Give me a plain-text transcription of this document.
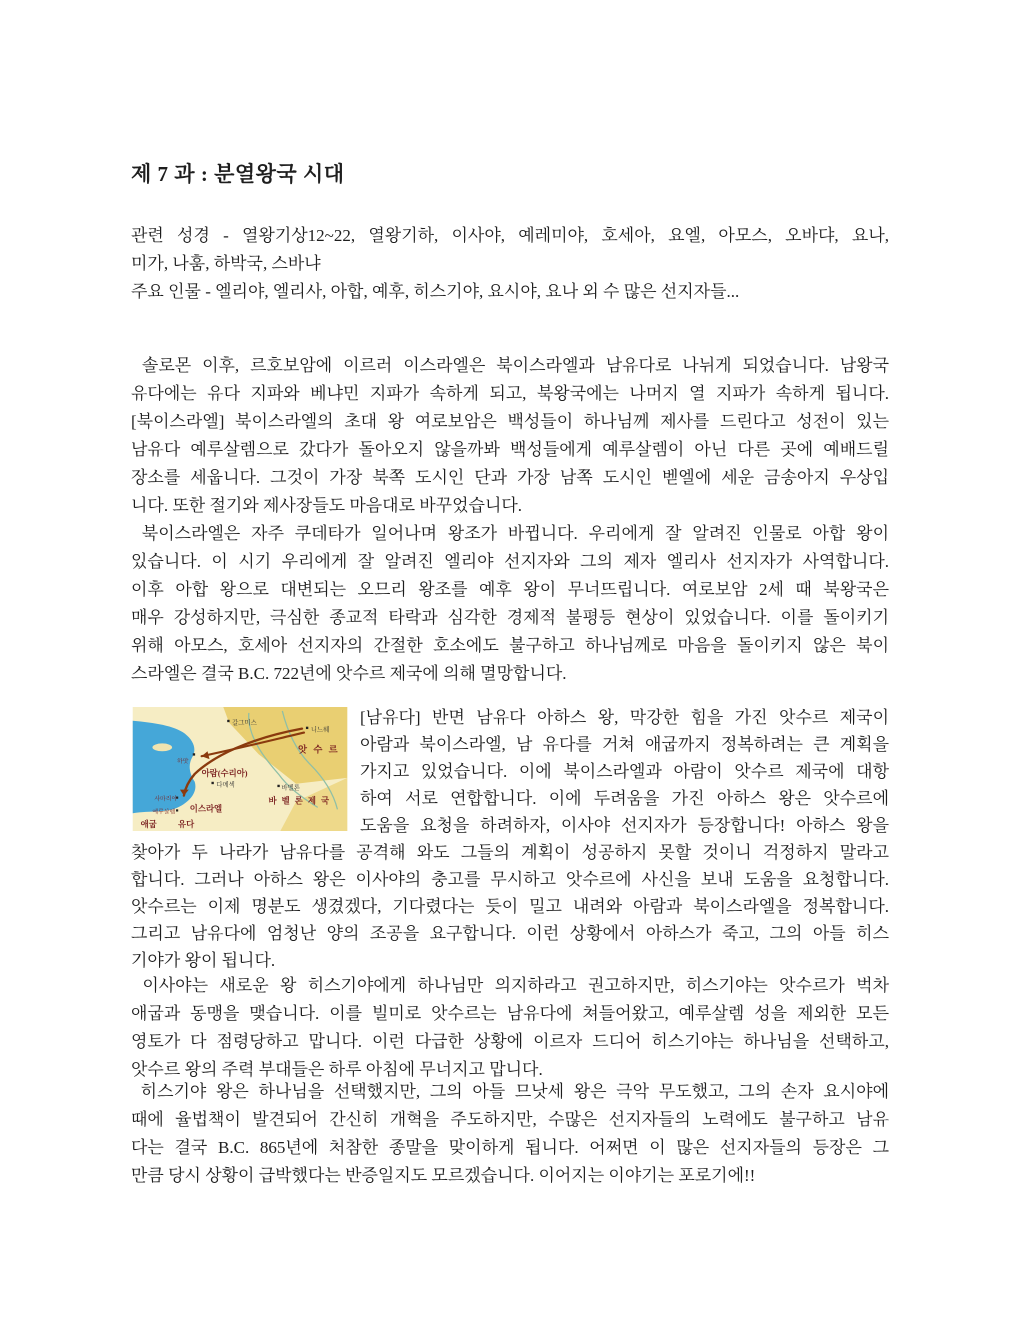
제 7 과 : 분열왕국 시대
관련 성경 - 열왕기상12~22, 열왕기하, 이사야, 예레미야, 호세아, 요엘, 아모스, 오바댜, 요나,
미가, 나훔, 하박국, 스바냐
주요 인물 - 엘리야, 엘리사, 아합, 예후, 히스기야, 요시야, 요나 외 수 많은 선지자들...
솔로몬 이후, 르호보암에 이르러 이스라엘은 북이스라엘과 남유다로 나뉘게 되었습니다. 남왕국
유다에는 유다 지파와 베냐민 지파가 속하게 되고, 북왕국에는 나머지 열 지파가 속하게 됩니다.
[북이스라엘] 북이스라엘의 초대 왕 여로보암은 백성들이 하나님께 제사를 드린다고 성전이 있는
남유다 예루살렘으로 갔다가 돌아오지 않을까봐 백성들에게 예루살렘이 아닌 다른 곳에 예배드릴
장소를 세웁니다. 그것이 가장 북쪽 도시인 단과 가장 남쪽 도시인 벧엘에 세운 금송아지 우상입
니다. 또한 절기와 제사장들도 마음대로 바꾸었습니다.
북이스라엘은 자주 쿠데타가 일어나며 왕조가 바뀝니다. 우리에게 잘 알려진 인물로 아합 왕이
있습니다. 이 시기 우리에게 잘 알려진 엘리야 선지자와 그의 제자 엘리사 선지자가 사역합니다.
이후 아합 왕으로 대변되는 오므리 왕조를 예후 왕이 무너뜨립니다. 여로보암 2세 때 북왕국은
매우 강성하지만, 극심한 종교적 타락과 심각한 경제적 불평등 현상이 있었습니다. 이를 돌이키기
위해 아모스, 호세아 선지자의 간절한 호소에도 불구하고 하나님께로 마음을 돌이키지 않은 북이
스라엘은 결국 B.C. 722년에 앗수르 제국에 의해 멸망합니다.
갈그미스
니느웨
하맛
다메섹	바벨론
사마리아
예루살렘
앗 수 르
바 벨 론 제 국
아람(수리아)
이스라엘
애굽 유다
[남유다] 반면 남유다 아하스 왕, 막강한 힘을 가진 앗수르 제국이
아람과 북이스라엘, 남 유다를 거쳐 애굽까지 정복하려는 큰 계획을
가지고 있었습니다. 이에 북이스라엘과 아람이 앗수르 제국에 대항
하여 서로 연합합니다. 이에 두려움을 가진 아하스 왕은 앗수르에
도움을 요청을 하려하자, 이사야 선지자가 등장합니다! 아하스 왕을
찾아가 두 나라가 남유다를 공격해 와도 그들의 계획이 성공하지 못할 것이니 걱정하지 말라고
합니다. 그러나 아하스 왕은 이사야의 충고를 무시하고 앗수르에 사신을 보내 도움을 요청합니다.
앗수르는 이제 명분도 생겼겠다, 기다렸다는 듯이 밀고 내려와 아람과 북이스라엘을 정복합니다.
그리고 남유다에 엄청난 양의 조공을 요구합니다. 이런 상황에서 아하스가 죽고, 그의 아들 히스
기야가 왕이 됩니다.
이사야는 새로운 왕 히스기야에게 하나님만 의지하라고 권고하지만, 히스기야는 앗수르가 벅차
애굽과 동맹을 맺습니다. 이를 빌미로 앗수르는 남유다에 쳐들어왔고, 예루살렘 성을 제외한 모든
영토가 다 점령당하고 맙니다. 이런 다급한 상황에 이르자 드디어 히스기야는 하나님을 선택하고,
앗수르 왕의 주력 부대들은 하루 아침에 무너지고 맙니다.
히스기야 왕은 하나님을 선택했지만, 그의 아들 므낫세 왕은 극악 무도했고, 그의 손자 요시야에
때에 율법책이 발견되어 간신히 개혁을 주도하지만, 수많은 선지자들의 노력에도 불구하고 남유
다는 결국 B.C. 865년에 처참한 종말을 맞이하게 됩니다. 어쩌면 이 많은 선지자들의 등장은 그
만큼 당시 상황이 급박했다는 반증일지도 모르겠습니다. 이어지는 이야기는 포로기에!!
